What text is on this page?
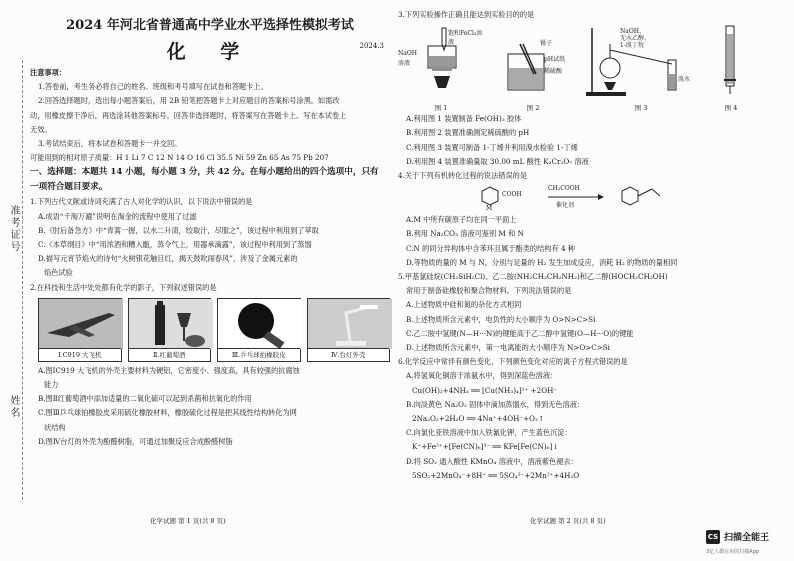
准考证号
姓名
2024 年河北省普通高中学业水平选择性模拟考试
化 学	2024.3
注意事项：
1.答卷前，考生务必将自己的姓名、班级和考号填写在试卷和答题卡上。
2.回答选择题时，选出每小题答案后，用 2B 铅笔把答题卡上对应题目的答案标号涂黑。如需改
动，用橡皮擦干净后，再选涂其他答案标号。回答非选择题时，将答案写在答题卡上。写在本试卷上
无效。
3.考试结束后，将本试卷和答题卡一并交回。
可能用到的相对原子质量：H 1 Li 7 C 12 N 14 O 16 Cl 35.5 Ni 59 Zn 65 As 75 Pb 207
一、选择题：本题共 14 小题，每小题 3 分，共 42 分。在每小题给出的四个选项中，只有
一项符合题目要求。
1.下列古代文献或诗词充满了古人对化学的认识，以下说法中错误的是
A.成语“千淘万漉”说明在淘金的流程中使用了过滤
B.《肘后备急方》中“青蒿一握，以水二升渍，绞取汁，尽服之”，该过程中利用到了萃取
C.《本草纲目》中“用浓酒和糟入甑，蒸令气上，用器承滴露”，该过程中利用到了蒸馏
D.描写元宵节焰火的诗句“火树银花触目红，揭天鼓吹闹春风”，涉及了金属元素的
焰色试验
2.在科技和生活中处处都有化学的影子，下列叙述错误的是
Ⅰ.C919 大飞机	Ⅱ.红葡萄酒	Ⅲ.乒乓球拍橡胶皮	Ⅳ.台灯外壳
A.图ⅠC919 大飞机的外壳主要材料为硬铝，它密度小、强度高，具有较强的抗腐蚀
能力
B.图Ⅱ红葡萄酒中添加适量的二氧化硫可以起到杀菌和抗氧化的作用
C.图Ⅲ乒乓球拍橡胶皮采用硫化橡胶材料，橡胶硫化过程是把其线性结构转化为网
状结构
D.图Ⅳ台灯的外壳为酚醛树脂，可通过加聚反应合成酚醛树脂
3.下列实验操作正确且能达到实验目的的是
饱和FeCl₃溶液
NaOH
溶液
图 1
镊子
pH试纸
稀硫酸
图 2
NaOH、
无水乙醇、
1-溴丁烷
溴水
图 3	图 4
A.利用图 1 装置制备 Fe(OH)₃ 胶体
B.利用图 2 装置准确测定稀硫酸的 pH
C.利用图 3 装置可制备 1-丁烯并利用溴水检验 1-丁烯
D.利用图 4 装置准确量取 30.00 mL 酸性 K₂Cr₂O₇ 溶液
4.关于下列有机转化过程的说法错误的是
COOH
CH₂COOH
催化剂
M
A.M 中所有碳原子均在同一平面上
B.利用 Na₂CO₃ 溶液可鉴别 M 和 N
C.N 的同分异构体中含苯环且属于酯类的结构有 4 种
D.等物质的量的 M 与 N，分别与足量的 H₂ 发生加成反应，消耗 H₂ 的物质的量相同
5.甲基氯硅烷(CH₃SiH₂Cl)、乙二胺(NH₂CH₂CH₂NH₂)和乙二醇(HOCH₂CH₂OH)
常用于制备硅橡胶和聚合物材料。下列说法错误的是
A.上述物质中硅和氮的杂化方式相同
B.上述物质所含元素中，电负性的大小顺序为 O>N>C>Si
C.乙二胺中氢键(N—H···N)的键能高于乙二醇中氢键(O—H···O)的键能
D.上述物质所含元素中，第一电离能的大小顺序为 N>O>C>Si
6.化学反应中常伴有颜色变化，下列颜色变化对应的离子方程式错误的是
A.将氢氧化铜溶于浓氨水中，得到深蓝色溶液：
Cu(OH)₂+4NH₃ ══ [Cu(NH₃)₄]²⁺ +2OH⁻
B.向淡黄色 Na₂O₂ 固体中滴加蒸馏水，得到无色溶液：
2Na₂O₂+2H₂O ══ 4Na⁺+4OH⁻+O₂↑
C.向氯化亚铁溶液中加入铁氰化钾，产生蓝色沉淀：
K⁺+Fe²⁺+[Fe(CN)₆]³⁻ ══ KFe[Fe(CN)₆]↓
D.将 SO₂ 通入酸性 KMnO₄ 溶液中，溶液紫色褪去：
5SO₂+2MnO₄⁻+8H⁺ ══ 5SO₄²⁻+2Mn²⁺+4H₂O
化学试题 第 1 页(共 8 页)	化学试题 第 2 页(共 8 页)
CS 扫描全能王
3亿人都在用的扫描App
